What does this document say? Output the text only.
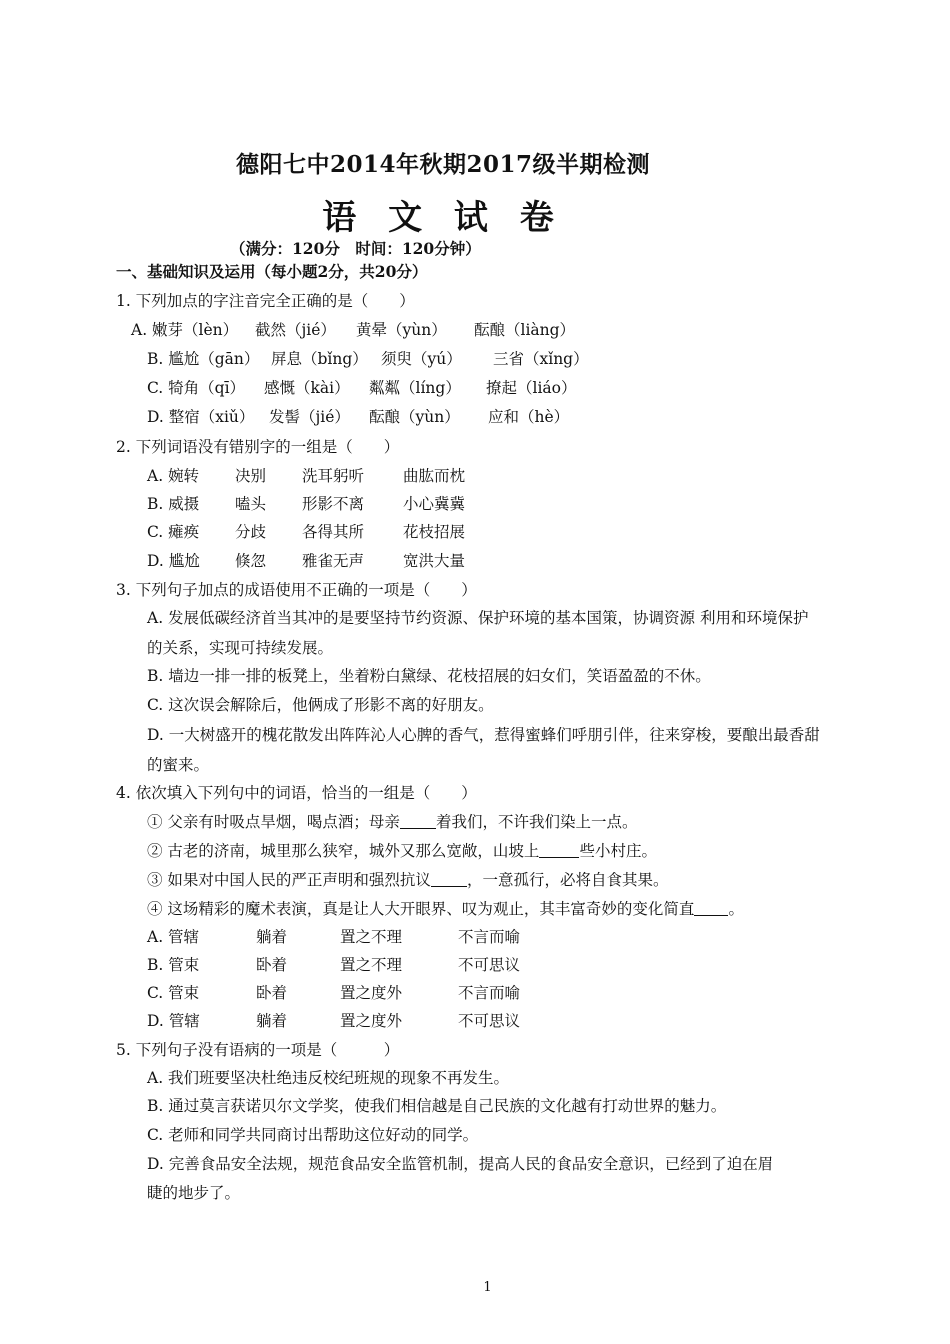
德阳七中2014年秋期2017级半期检测
语 文 试 卷
（满分：120分　时间：120分钟）
一、基础知识及运用（每小题2分，共20分）
1. 下列加点的字注音完全正确的是（　　）
A. 嫩芽（lèn） 截然（jié） 黄晕（yùn） 酝酿（liàng）
B. 尴尬（gān） 屏息（bǐng） 须臾（yú） 三省（xǐng）
C. 犄角（qī） 感慨（kài） 粼粼（líng） 撩起（liáo）
D. 整宿（xiǔ） 发髻（jié） 酝酿（yùn） 应和（hè）
2. 下列词语没有错别字的一组是（　　）
A. 婉转 决别 洗耳躬听	曲肱而枕
B. 威摄 嗑头 形影不离	小心冀冀
C. 瘫痪 分歧 各得其所	花枝招展
D. 尴尬 倏忽 雅雀无声	宽洪大量
3. 下列句子加点的成语使用不正确的一项是（　　）
A. 发展低碳经济首当其冲的是要坚持节约资源、保护环境的基本国策，协调资源 利用和环境保护
的关系，实现可持续发展。
B. 墙边一排一排的板凳上，坐着粉白黛绿、花枝招展的妇女们，笑语盈盈的不休。
C. 这次误会解除后，他俩成了形影不离的好朋友。
D. 一大树盛开的槐花散发出阵阵沁人心脾的香气，惹得蜜蜂们呼朋引伴，往来穿梭，要酿出最香甜
的蜜来。
4. 依次填入下列句中的词语，恰当的一组是（　　）
① 父亲有时吸点旱烟，喝点酒；母亲 着我们，不许我们染上一点。
② 古老的济南，城里那么狭窄，城外又那么宽敞，山坡上	些小村庄。
③ 如果对中国人民的严正声明和强烈抗议 ，一意孤行，必将自食其果。
④ 这场精彩的魔术表演，真是让人大开眼界、叹为观止，其丰富奇妙的变化简直 。
A. 管辖	躺着	置之不理	不言而喻
B. 管束	卧着	置之不理	不可思议
C. 管束	卧着	置之度外	不言而喻
D. 管辖	躺着	置之度外	不可思议
5. 下列句子没有语病的一项是（　　　）
A. 我们班要坚决杜绝违反校纪班规的现象不再发生。
B. 通过莫言获诺贝尔文学奖，使我们相信越是自己民族的文化越有打动世界的魅力。
C. 老师和同学共同商讨出帮助这位好动的同学。
D. 完善食品安全法规，规范食品安全监管机制，提高人民的食品安全意识，已经到了迫在眉
睫的地步了。
1
